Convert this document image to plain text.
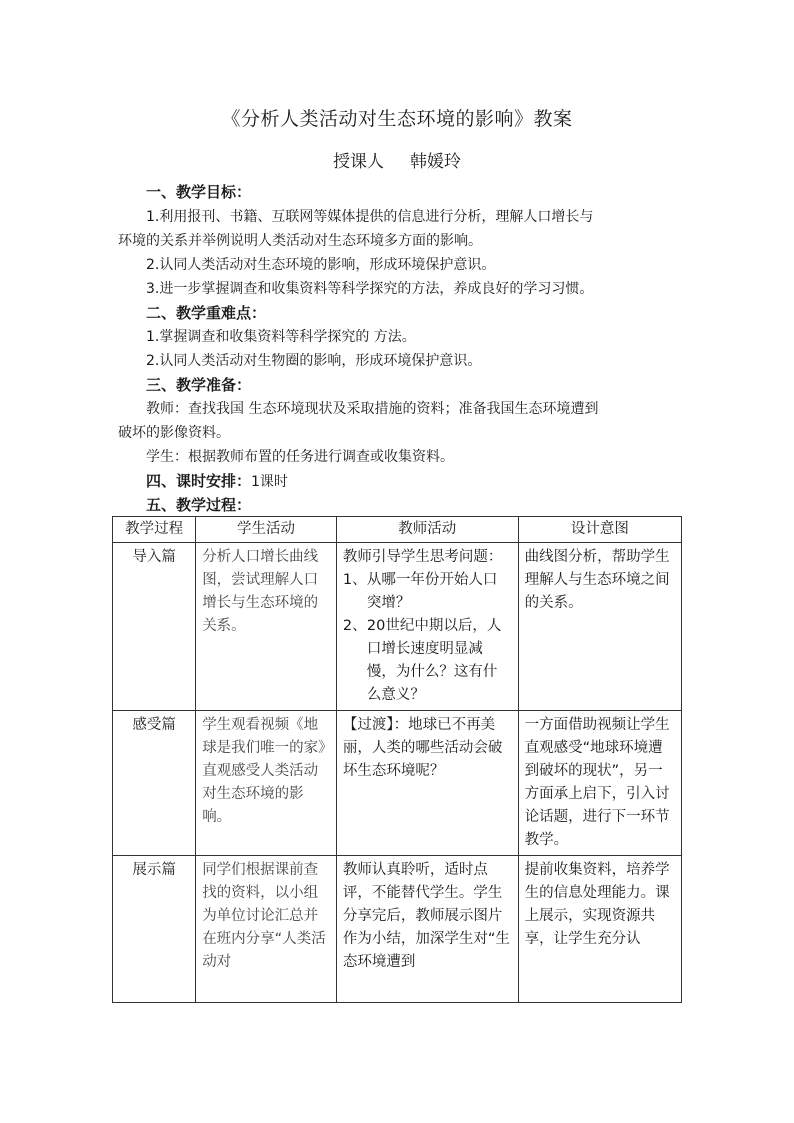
《分析人类活动对生态环境的影响》教案
授课人 韩媛玲
一、教学目标：
1.利用报刊、书籍、互联网等媒体提供的信息进行分析，理解人口增长与
环境的关系并举例说明人类活动对生态环境多方面的影响。
2.认同人类活动对生态环境的影响，形成环境保护意识。
3.进一步掌握调查和收集资料等科学探究的方法，养成良好的学习习惯。
二、教学重难点：
1.掌握调查和收集资料等科学探究的 方法。
2.认同人类活动对生物圈的影响，形成环境保护意识。
三、教学准备：
教师：查找我国 生态环境现状及采取措施的资料；准备我国生态环境遭到
破坏的影像资料。
学生：根据教师布置的任务进行调查或收集资料。
四、课时安排：1课时
五、教学过程：
教学过程	学生活动	教师活动	设计意图
导入篇	分析人口增长曲线图，尝试理解人口增长与生态环境的关系。	教师引导学生思考问题：
1、从哪一年份开始人口突增？
2、20世纪中期以后，人口增长速度明显减慢，为什么？这有什么意义？	曲线图分析，帮助学生理解人与生态环境之间的关系。
感受篇	学生观看视频《地球是我们唯一的家》直观感受人类活动对生态环境的影响。	【过渡】：地球已不再美丽，人类的哪些活动会破坏生态环境呢？	一方面借助视频让学生直观感受“地球环境遭到破坏的现状”，另一方面承上启下，引入讨论话题，进行下一环节教学。

展示篇	同学们根据课前查找的资料，以小组为单位讨论汇总并在班内分享“人类活动对	教师认真聆听，适时点评，不能替代学生。学生分享完后，教师展示图片作为小结，加深学生对“生态环境遭到	提前收集资料，培养学生的信息处理能力。课上展示，实现资源共享，让学生充分认
